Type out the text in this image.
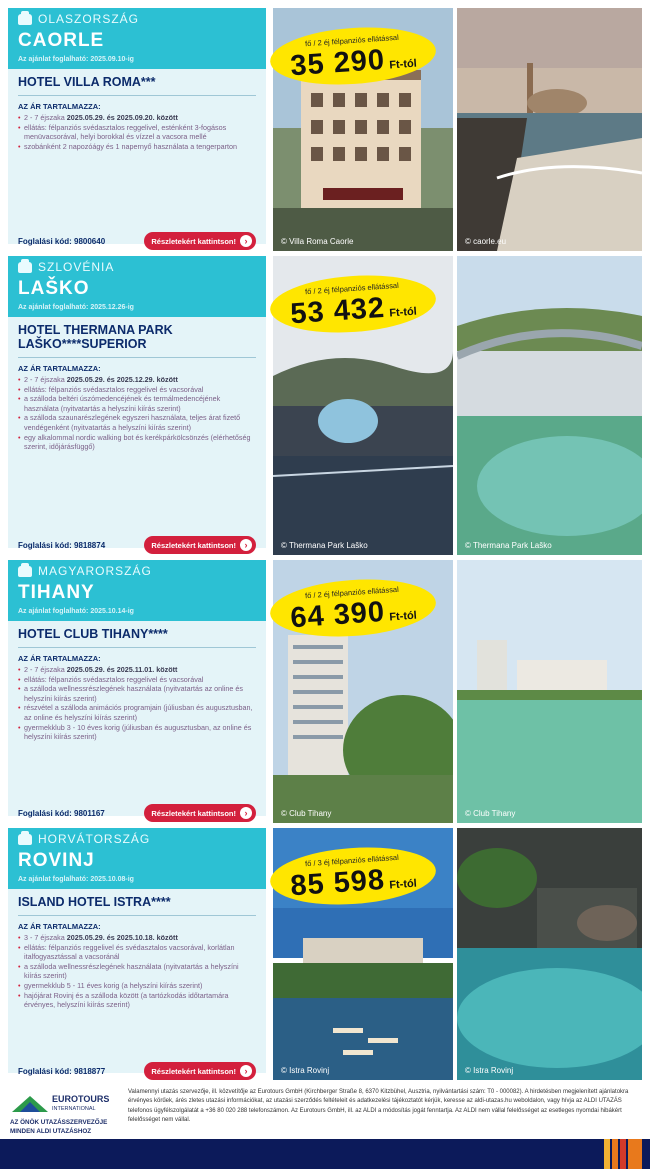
OLASZORSZÁG
CAORLE
Az ajánlat foglalható: 2025.09.10-ig
HOTEL VILLA ROMA***
AZ ÁR TARTALMAZZA:
• 2 - 7 éjszaka 2025.05.29. és 2025.09.20. között
• ellátás: félpanziós svédasztalos reggelivel, esténként 3-fogásos menüvacsorával, helyi borokkal és vízzel a vacsora mellé
• szobánként 2 napozóágy és 1 napernyő használata a tengerparton
Foglalási kód: 9800640	Részletekért kattintson! ›	© Villa Roma Caorle	© caorle.eu
fő / 2 éj félpanziós ellátással
35 290 Ft-tól
SZLOVÉNIA
LAŠKO
Az ajánlat foglalható: 2025.12.26-ig
HOTEL THERMANA PARK LAŠKO****SUPERIOR
AZ ÁR TARTALMAZZA:
• 2 - 7 éjszaka 2025.05.29. és 2025.12.29. között
• ellátás: félpanziós svédasztalos reggelivel és vacsorával
• a szálloda beltéri úszómedencéjének és termálmedencéjének használata (nyitvatartás a helyszíni kiírás szerint)
• a szálloda szaunarészlegének egyszeri használata, teljes árat fizető vendégenként (nyitvatartás a helyszíni kiírás szerint)
• egy alkalommal nordic walking bot és kerékpárkölcsönzés (elérhetőség szerint, időjárásfüggő)
Foglalási kód: 9818874	Részletekért kattintson! ›	© Thermana Park Laško	© Thermana Park Laško
fő / 2 éj félpanziós ellátással
53 432 Ft-tól
MAGYARORSZÁG
TIHANY
Az ajánlat foglalható: 2025.10.14-ig
HOTEL CLUB TIHANY****
AZ ÁR TARTALMAZZA:
• 2 - 7 éjszaka 2025.05.29. és 2025.11.01. között
• ellátás: félpanziós svédasztalos reggelivel és vacsorával
• a szálloda wellnessrészlegének használata (nyitvatartás az online és helyszíni kiírás szerint)
• részvétel a szálloda animációs programjain (júliusban és augusztusban, az online és helyszíni kiírás szerint)
• gyermekklub 3 - 10 éves korig (júliusban és augusztusban, az online és helyszíni kiírás szerint)
Foglalási kód: 9801167	Részletekért kattintson! ›	© Club Tihany	© Club Tihany
fő / 2 éj félpanziós ellátással
64 390 Ft-tól
HORVÁTORSZÁG
ROVINJ
Az ajánlat foglalható: 2025.10.08-ig
ISLAND HOTEL ISTRA****
AZ ÁR TARTALMAZZA:
• 3 - 7 éjszaka 2025.05.29. és 2025.10.18. között
• ellátás: félpanziós reggelivel és svédasztalos vacsorával, korlátlan italfogyasztással a vacsoránál
• a szálloda wellnessrészlegének használata (nyitvatartás a helyszíni kiírás szerint)
• gyermekklub 5 - 11 éves korig (a helyszíni kiírás szerint)
• hajójárat Rovinj és a szálloda között (a tartózkodás időtartamára érvényes, helyszíni kiírás szerint)
Foglalási kód: 9818877	Részletekért kattintson! ›	© Istra Rovinj	© Istra Rovinj
fő / 3 éj félpanziós ellátással
85 598 Ft-tól
EUROTOURS
INTERNATIONAL
AZ ÖNÖK UTAZÁSSZERVEZŐJE
MINDEN ALDI UTAZÁSHOZ
Valamennyi utazás szervezője, ill. közvetítője az Eurotours GmbH (Kirchberger Straße 8, 6370 Kitzbühel, Ausztria, nyilvántartási szám: T0 - 000082). A hirdetésben megjelenített ajánlatokra érvényes körűek, árés zletes utazási információkat, az utazási szerződés feltételeit és adatkezelési tájékoztatót kérjük, keresse az aldi-utazas.hu weboldalon, vagy hívja az ALDI UTAZÁS telefonos ügyfélszolgálatát a +36 80 020 288 telefonszámon. Az Eurotours GmbH, ill. az ALDI a módosítás jogát fenntartja. Az ALDI nem vállal felelősséget az esetleges nyomdai hibákért felelősséget nem vállal.
